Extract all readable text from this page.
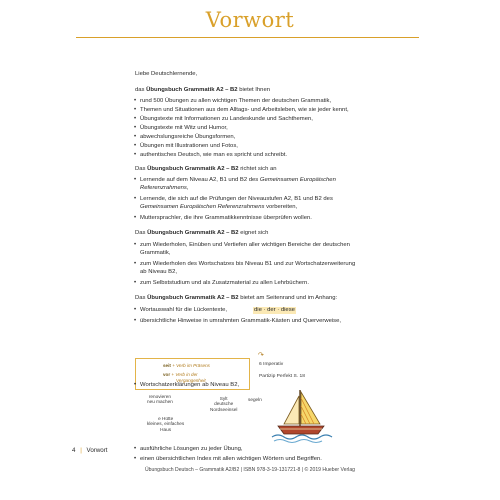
Vorwort
Liebe Deutschlernende,
das Übungsbuch Grammatik A2 – B2 bietet Ihnen
• rund 500 Übungen zu allen wichtigen Themen der deutschen Grammatik,
• Themen und Situationen aus dem Alltags- und Arbeitsleben, wie sie jeder kennt,
• Übungstexte mit Informationen zu Landeskunde und Sachthemen,
• Übungstexte mit Witz und Humor,
• abwechslungsreiche Übungsformen,
• Übungen mit Illustrationen und Fotos,
• authentisches Deutsch, wie man es spricht und schreibt.
Das Übungsbuch Grammatik A2 – B2 richtet sich an
• Lernende auf dem Niveau A2, B1 und B2 des Gemeinsamen Europäischen
Referenzrahmens,
• Lernende, die sich auf die Prüfungen der Niveaustufen A2, B1 und B2 des
Gemeinsamen Europäischen Referenzrahmens vorbereiten,
• Muttersprachler, die ihre Grammatikkenntnisse überprüfen wollen.
Das Übungsbuch Grammatik A2 – B2 eignet sich
• zum Wiederholen, Einüben und Vertiefen aller wichtigen Bereiche der deutschen
Grammatik,
• zum Wiederholen des Wortschatzes bis Niveau B1 und zur Wortschatzerweiterung
ab Niveau B2,
• zum Selbststudium und als Zusatzmaterial zu allen Lehrbüchern.
Das Übungsbuch Grammatik A2 – B2 bietet am Seitenrand und im Anhang:
• Wortauswahl für die Lückentexte,	die · der · diese
• übersichtliche Hinweise in umrahmten Grammatik-Kästen und Querverweise,
seit + Verb im Präsens
vor + Verb in der
Vergangenheit
↷
6 Imperativ
Partizip Perfekt S. 18
• Wortschatzerklärungen ab Niveau B2,
renovieren
neu machen
Sylt
deutsche
Nordseeinsel
segeln
e Hütte
kleines, einfaches
Haus
• ausführliche Lösungen zu jeder Übung,
• einen übersichtlichen Index mit allen wichtigen Wörtern und Begriffen.
4 | Vorwort
Übungsbuch Deutsch – Grammatik A2/B2 | ISBN 978-3-19-131721-8 | © 2019 Hueber Verlag
